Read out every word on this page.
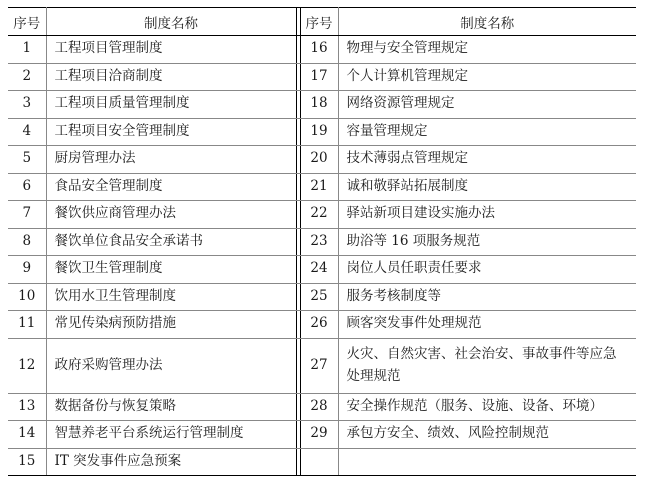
序号	制度名称		序号	制度名称
1	工程项目管理制度		16	物理与安全管理规定
2	工程项目洽商制度		17	个人计算机管理规定
3	工程项目质量管理制度		18	网络资源管理规定
4	工程项目安全管理制度		19	容量管理规定
5	厨房管理办法		20	技术薄弱点管理规定
6	食品安全管理制度		21	诚和敬驿站拓展制度
7	餐饮供应商管理办法		22	驿站新项目建设实施办法
8	餐饮单位食品安全承诺书		23	助浴等 16 项服务规范
9	餐饮卫生管理制度		24	岗位人员任职责任要求
10	饮用水卫生管理制度		25	服务考核制度等
11	常见传染病预防措施		26	顾客突发事件处理规范
12	政府采购管理办法		27	火灾、自然灾害、社会治安、事故事件等应急处理规范

13	数据备份与恢复策略		28	安全操作规范（服务、设施、设备、环境）
14	智慧养老平台系统运行管理制度		29	承包方安全、绩效、风险控制规范
15	IT 突发事件应急预案			
